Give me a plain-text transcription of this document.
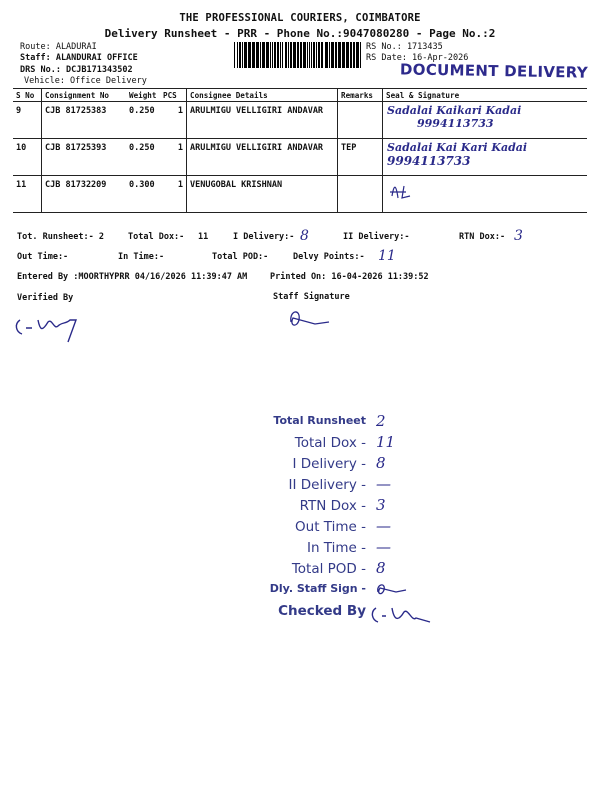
THE PROFESSIONAL COURIERS, COIMBATORE
Delivery Runsheet - PRR - Phone No.:9047080280 - Page No.:2
Route: ALADURAI
Staff: ALANDURAI OFFICE
DRS No.: DCJB171343502
Vehicle: Office Delivery
RS No.: 1713435
RS Date: 16-Apr-2026
DOCUMENT DELIVERY
S No	Consignment No	Weight	PCS	Consignee Details	Remarks	Seal & Signature
9	CJB 81725383	0.250	1	ARULMIGU VELLIGIRI ANDAVAR		Sadalai Kaikari Kadai
9994113733

10	CJB 81725393	0.250	1	ARULMIGU VELLIGIRI ANDAVAR	TEP	Sadalai Kai Kari Kadai
9994113733

11	CJB 81732209	0.300	1	VENUGOBAL KRISHNAN		
Tot. Runsheet:- 2	Total Dox:- 11	I Delivery:- 8	II Delivery:-	RTN Dox:- 3
Out Time:-	In Time:-	Total POD:-	Delvy Points:- 11
Entered By :MOORTHYPRR 04/16/2026 11:39:47 AM	Printed On: 16-04-2026 11:39:52
Verified By	Staff Signature
Total Runsheet 2
Total Dox - 11
I Delivery - 8
II Delivery - —
RTN Dox - 3
Out Time - —
In Time - —
Total POD - 8
Dly. Staff Sign -
Checked By
